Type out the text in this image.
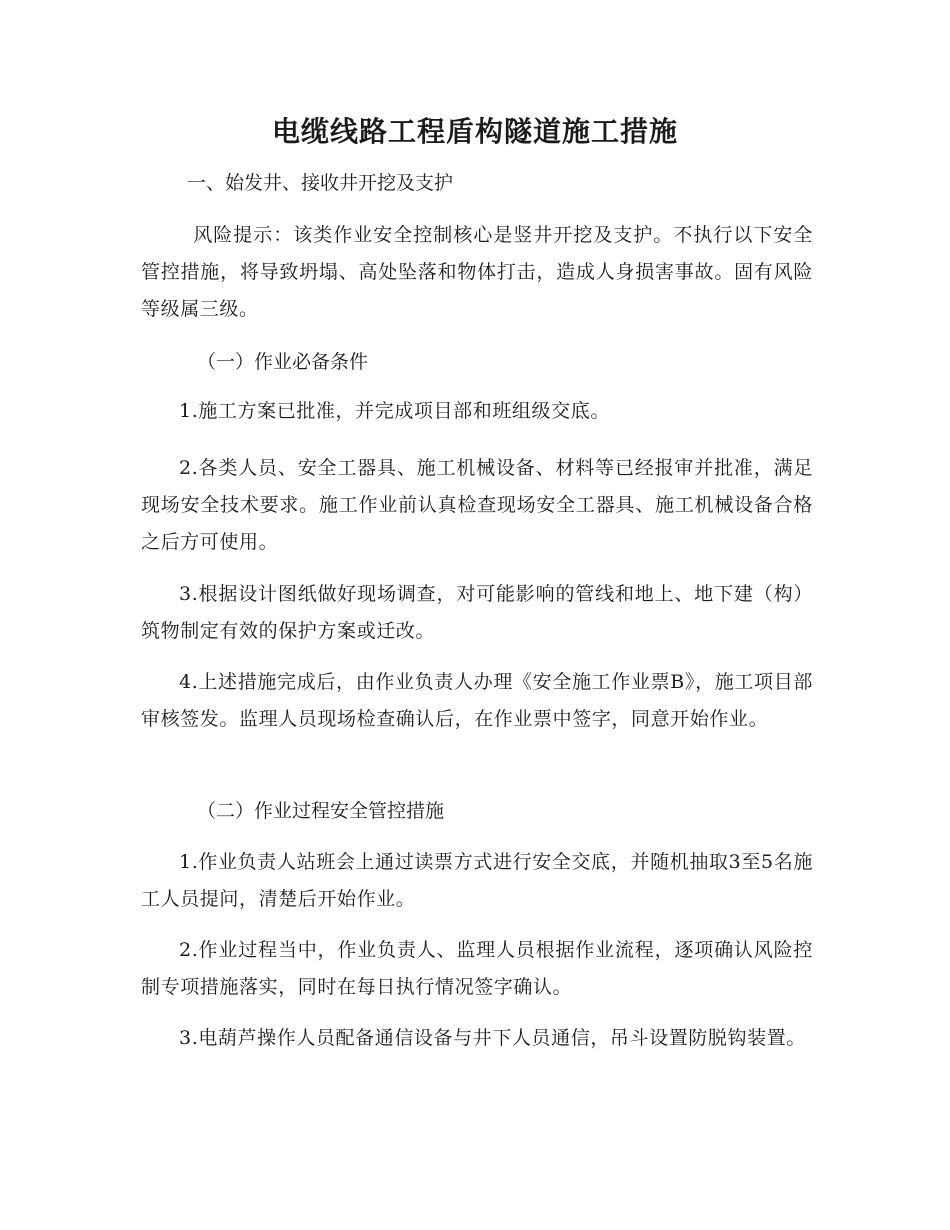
电缆线路工程盾构隧道施工措施
一、始发井、接收井开挖及支护
风险提示：该类作业安全控制核心是竖井开挖及支护。不执行以下安全管控措施，将导致坍塌、高处坠落和物体打击，造成人身损害事故。固有风险等级属三级。
（一）作业必备条件
1.施工方案已批准，并完成项目部和班组级交底。
2.各类人员、安全工器具、施工机械设备、材料等已经报审并批准，满足现场安全技术要求。施工作业前认真检查现场安全工器具、施工机械设备合格之后方可使用。
3.根据设计图纸做好现场调查，对可能影响的管线和地上、地下建（构）筑物制定有效的保护方案或迁改。
4.上述措施完成后，由作业负责人办理《安全施工作业票B》，施工项目部审核签发。监理人员现场检查确认后，在作业票中签字，同意开始作业。
（二）作业过程安全管控措施
1.作业负责人站班会上通过读票方式进行安全交底，并随机抽取3至5名施工人员提问，清楚后开始作业。
2.作业过程当中，作业负责人、监理人员根据作业流程，逐项确认风险控制专项措施落实，同时在每日执行情况签字确认。
3.电葫芦操作人员配备通信设备与井下人员通信，吊斗设置防脱钩装置。
